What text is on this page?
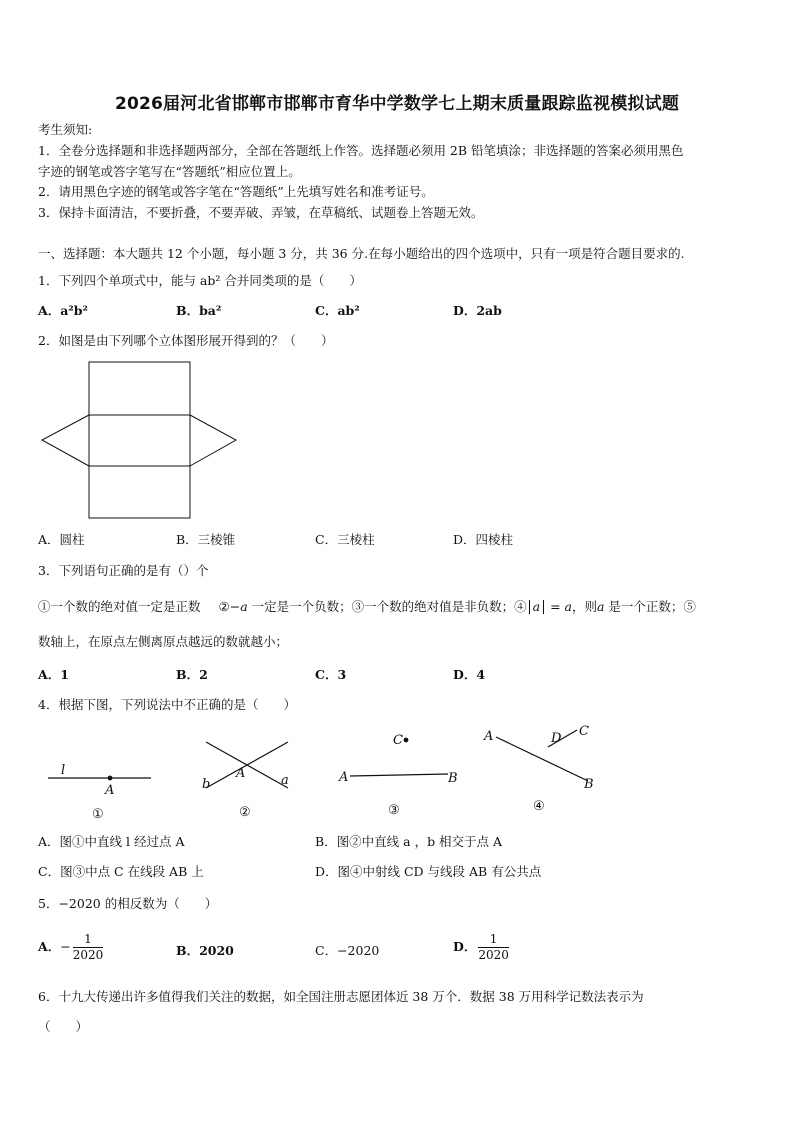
2026届河北省邯郸市邯郸市育华中学数学七上期末质量跟踪监视模拟试题
考生须知:
1．全卷分选择题和非选择题两部分，全部在答题纸上作答。选择题必须用 2B 铅笔填涂；非选择题的答案必须用黑色
字迹的钢笔或答字笔写在“答题纸”相应位置上。
2．请用黑色字迹的钢笔或答字笔在“答题纸”上先填写姓名和准考证号。
3．保持卡面清洁，不要折叠，不要弄破、弄皱，在草稿纸、试题卷上答题无效。
一、选择题：本大题共 12 个小题，每小题 3 分，共 36 分.在每小题给出的四个选项中，只有一项是符合题目要求的.
1．下列四个单项式中，能与 ab² 合并同类项的是（　　）
A．a²b²	B．ba²	C．ab²	D．2ab
2．如图是由下列哪个立体图形展开得到的？（　　）
A．圆柱	B．三棱锥	C．三棱柱	D．四棱柱
3．下列语句正确的是有（）个
①一个数的绝对值一定是正数 ②−a 一定是一个负数；③一个数的绝对值是非负数；④ a = a，则a 是一个正数；⑤
数轴上，在原点左侧离原点越远的数就越小；
A．1	B．2	C．3	D．4
4．根据下图，下列说法中不正确的是（　　）
l
A
A
b	a
C
A	B
A	D C
B
①	②	③	④
A．图①中直线 l 经过点 A	B．图②中直线 a ，b 相交于点 A
C．图③中点 C 在线段 AB 上	D．图④中射线 CD 与线段 AB 有公共点
5．−2020 的相反数为（　　）
A．− $\frac{1}{2020}$	B．2020	C．−2020	D． $\frac{1}{2020}$
6．十九大传递出许多值得我们关注的数据，如全国注册志愿团体近 38 万个．数据 38 万用科学记数法表示为
（　　）
